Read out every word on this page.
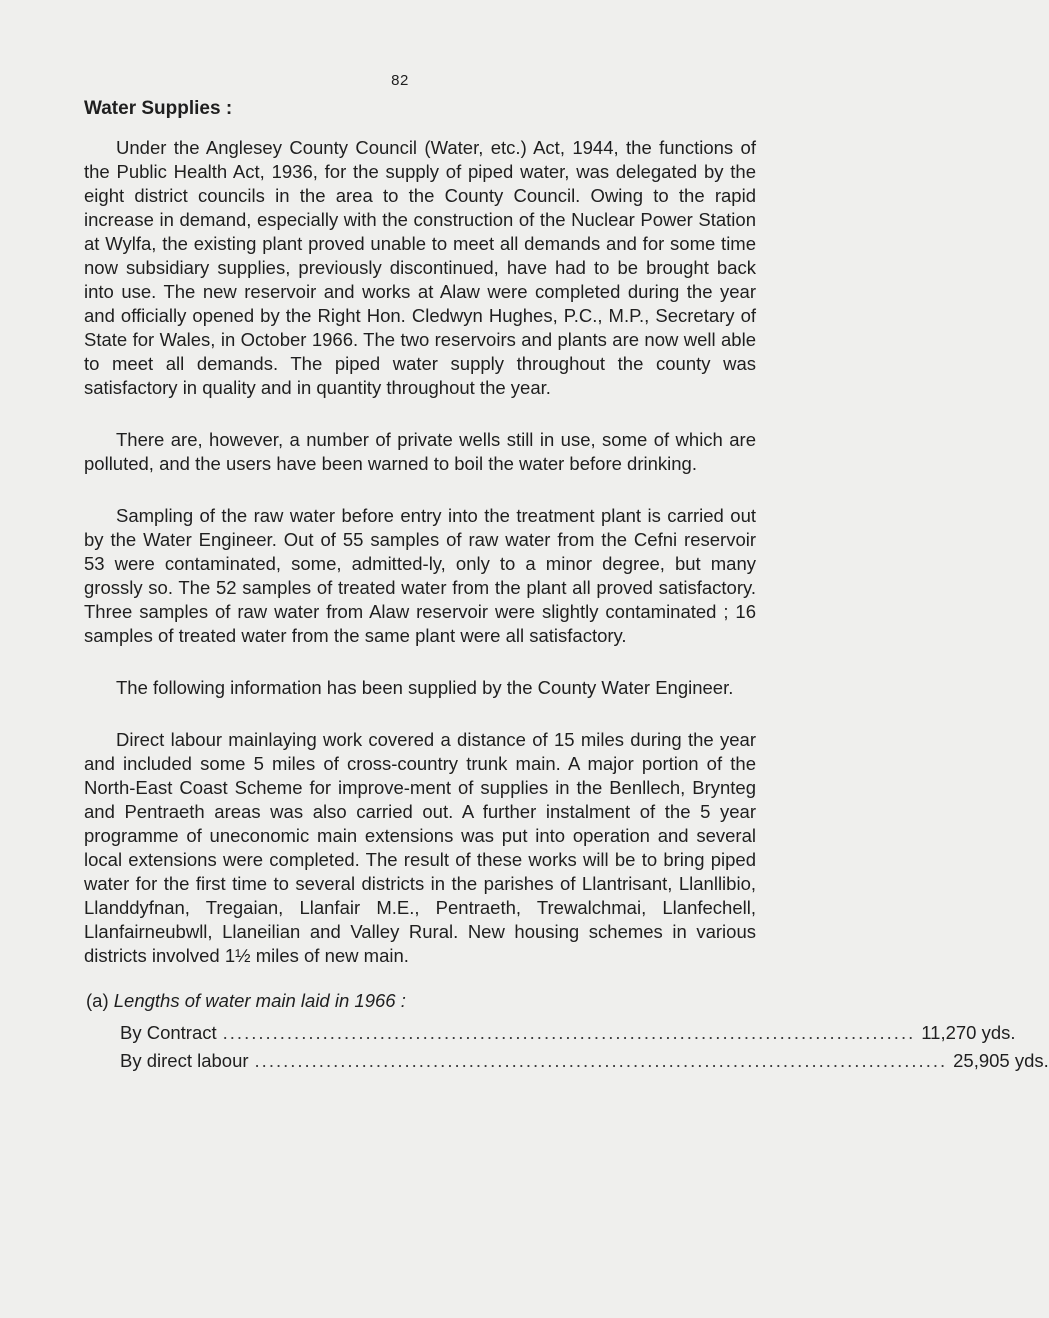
82
Water Supplies :

Under the Anglesey County Council (Water, etc.) Act, 1944, the functions of the Public Health Act, 1936, for the supply of piped water, was delegated by the eight district councils in the area to the County Council. Owing to the rapid increase in demand, especially with the construction of the Nuclear Power Station at Wylfa, the existing plant proved unable to meet all demands and for some time now subsidiary supplies, previously discontinued, have had to be brought back into use. The new reservoir and works at Alaw were completed during the year and officially opened by the Right Hon. Cledwyn Hughes, P.C., M.P., Secretary of State for Wales, in October 1966. The two reservoirs and plants are now well able to meet all demands. The piped water supply throughout the county was satisfactory in quality and in quantity throughout the year.

There are, however, a number of private wells still in use, some of which are polluted, and the users have been warned to boil the water before drinking.

Sampling of the raw water before entry into the treatment plant is carried out by the Water Engineer. Out of 55 samples of raw water from the Cefni reservoir 53 were contaminated, some, admitted-ly, only to a minor degree, but many grossly so. The 52 samples of treated water from the plant all proved satisfactory. Three samples of raw water from Alaw reservoir were slightly contaminated ; 16 samples of treated water from the same plant were all satisfactory.

The following information has been supplied by the County Water Engineer.

Direct labour mainlaying work covered a distance of 15 miles during the year and included some 5 miles of cross-country trunk main. A major portion of the North-East Coast Scheme for improve-ment of supplies in the Benllech, Brynteg and Pentraeth areas was also carried out. A further instalment of the 5 year programme of uneconomic main extensions was put into operation and several local extensions were completed. The result of these works will be to bring piped water for the first time to several districts in the parishes of Llantrisant, Llanllibio, Llanddyfnan, Tregaian, Llanfair M.E., Pentraeth, Trewalchmai, Llanfechell, Llanfairneubwll, Llaneilian and Valley Rural. New housing schemes in various districts involved 1½ miles of new main.

(a) Lengths of water main laid in 1966 :
By Contract ................................................................................................. 11,270 yds.
By direct labour ................................................................................................. 25,905 yds.
